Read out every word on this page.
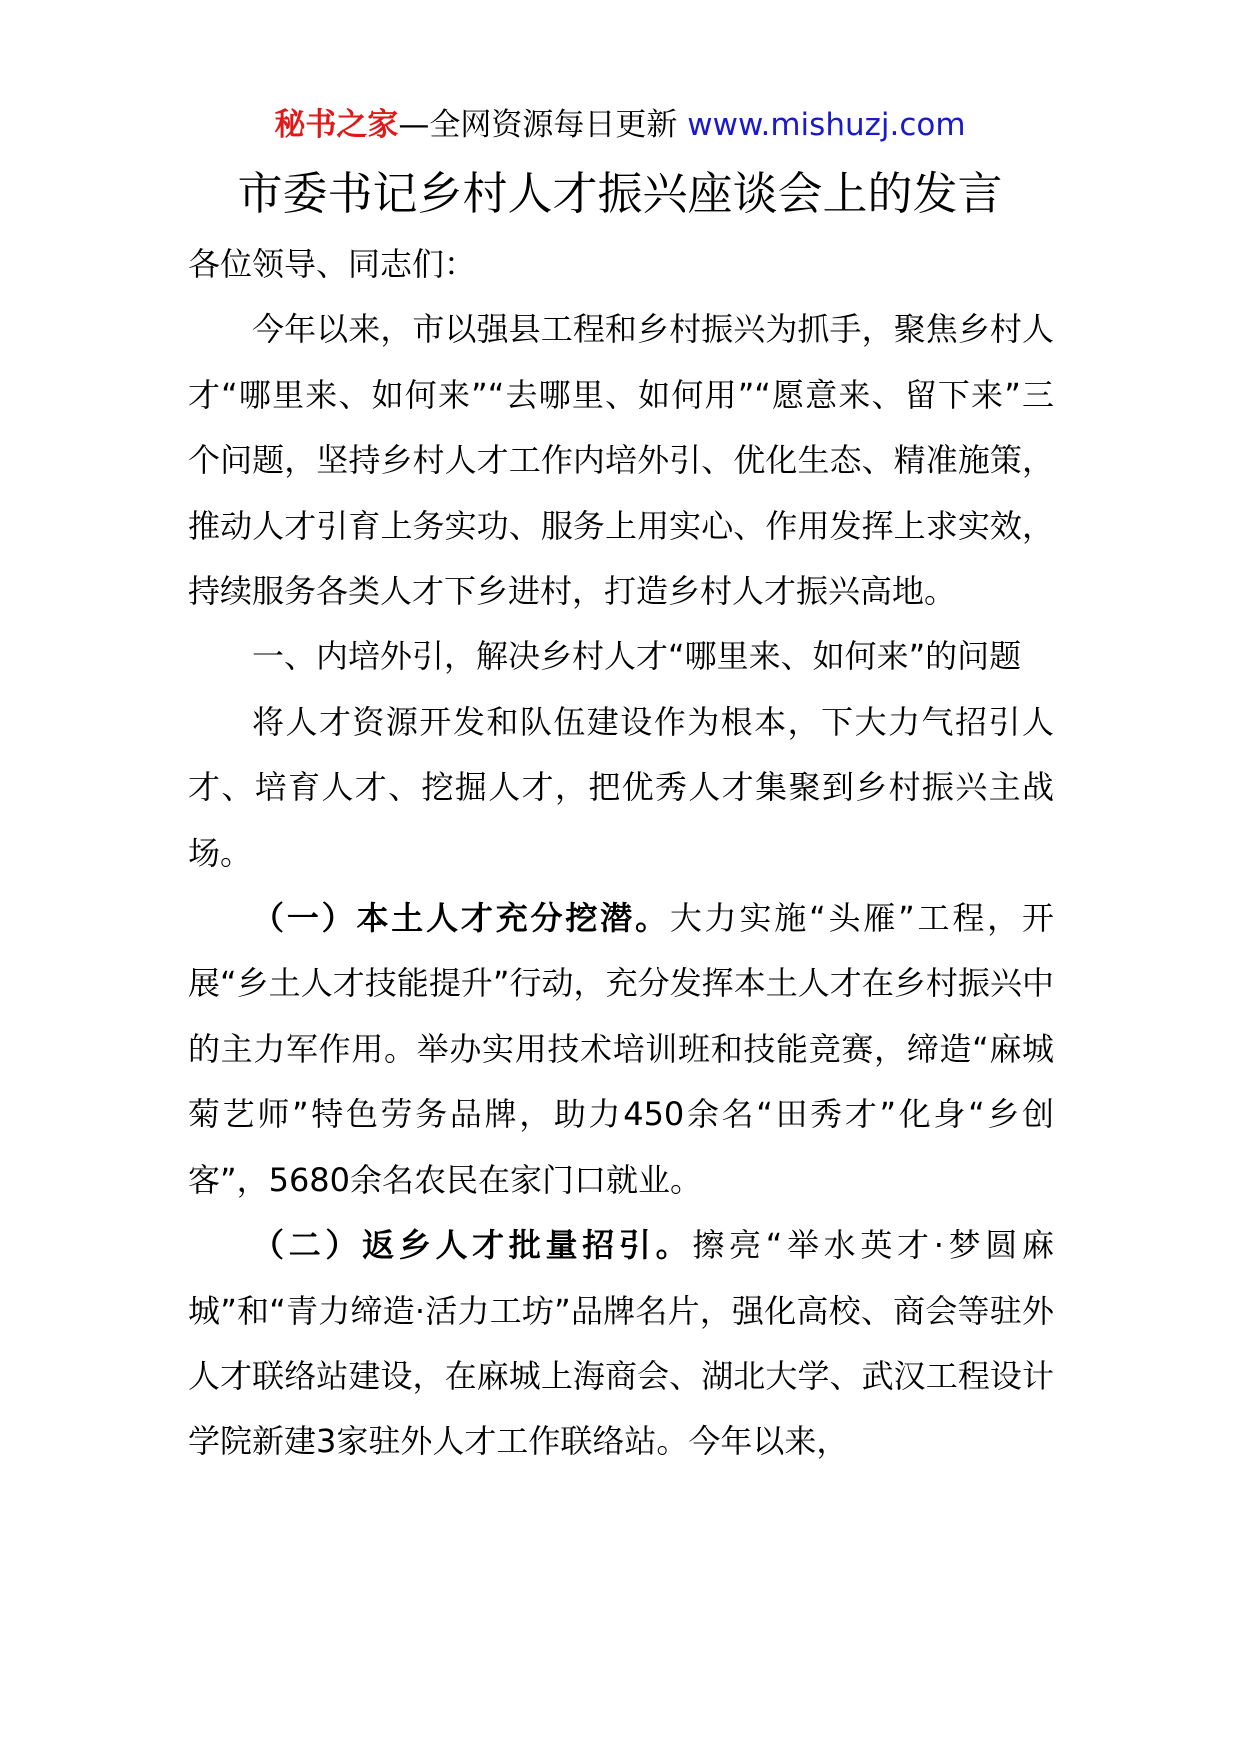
秘书之家—全网资源每日更新 www.mishuzj.com
市委书记乡村人才振兴座谈会上的发言

各位领导、同志们：

今年以来，市以强县工程和乡村振兴为抓手，聚焦乡村人才“哪里来、如何来”“去哪里、如何用”“愿意来、留下来”三个问题，坚持乡村人才工作内培外引、优化生态、精准施策，推动人才引育上务实功、服务上用实心、作用发挥上求实效，持续服务各类人才下乡进村，打造乡村人才振兴高地。

一、内培外引，解决乡村人才“哪里来、如何来”的问题

将人才资源开发和队伍建设作为根本，下大力气招引人才、培育人才、挖掘人才，把优秀人才集聚到乡村振兴主战场。

（一）本土人才充分挖潜。大力实施“头雁”工程，开展“乡土人才技能提升”行动，充分发挥本土人才在乡村振兴中的主力军作用。举办实用技术培训班和技能竞赛，缔造“麻城菊艺师”特色劳务品牌，助力450余名“田秀才”化身“乡创客”，5680余名农民在家门口就业。

（二）返乡人才批量招引。擦亮“举水英才·梦圆麻城”和“青力缔造·活力工坊”品牌名片，强化高校、商会等驻外人才联络站建设，在麻城上海商会、湖北大学、武汉工程设计学院新建3家驻外人才工作联络站。今年以来，
